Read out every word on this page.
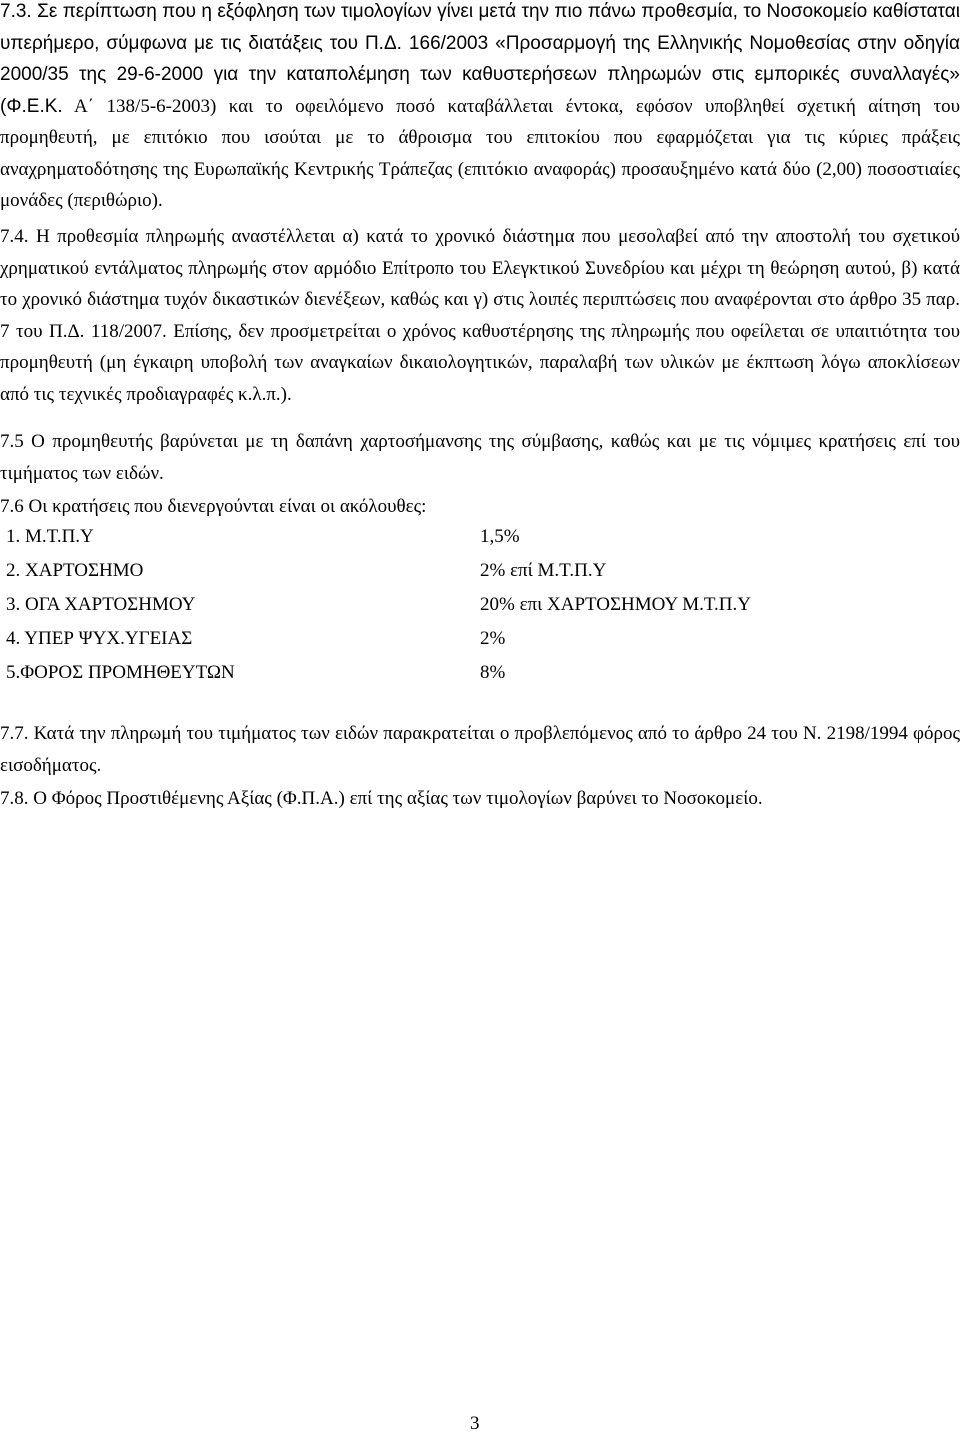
7.3. Σε περίπτωση που η εξόφληση των τιμολογίων γίνει μετά την πιο πάνω προθεσμία, το Νοσοκομείο καθίσταται υπερήμερο, σύμφωνα με τις διατάξεις του Π.Δ. 166/2003 «Προσαρμογή της Ελληνικής Νομοθεσίας στην οδηγία 2000/35 της 29-6-2000 για την καταπολέμηση των καθυστερήσεων πληρωμών στις εμπορικές συναλλαγές» (Φ.Ε.Κ. Α΄ 138/5-6-2003) και το οφειλόμενο ποσό καταβάλλεται έντοκα, εφόσον υποβληθεί σχετική αίτηση του προμηθευτή, με επιτόκιο που ισούται με το άθροισμα του επιτοκίου που εφαρμόζεται για τις κύριες πράξεις αναχρηματοδότησης της Ευρωπαϊκής Κεντρικής Τράπεζας (επιτόκιο αναφοράς) προσαυξημένο κατά δύο (2,00) ποσοστιαίες μονάδες (περιθώριο).

7.4. Η προθεσμία πληρωμής αναστέλλεται α) κατά το χρονικό διάστημα που μεσολαβεί από την αποστολή του σχετικού χρηματικού εντάλματος πληρωμής στον αρμόδιο Επίτροπο του Ελεγκτικού Συνεδρίου και μέχρι τη θεώρηση αυτού, β) κατά το χρονικό διάστημα τυχόν δικαστικών διενέξεων, καθώς και γ) στις λοιπές περιπτώσεις που αναφέρονται στο άρθρο 35 παρ. 7 του Π.Δ. 118/2007. Επίσης, δεν προσμετρείται ο χρόνος καθυστέρησης της πληρωμής που οφείλεται σε υπαιτιότητα του προμηθευτή (μη έγκαιρη υποβολή των αναγκαίων δικαιολογητικών, παραλαβή των υλικών με έκπτωση λόγω αποκλίσεων από τις τεχνικές προδιαγραφές κ.λ.π.).

7.5 Ο προμηθευτής βαρύνεται με τη δαπάνη χαρτοσήμανσης της σύμβασης, καθώς και με τις νόμιμες κρατήσεις επί του τιμήματος των ειδών.

7.6 Οι κρατήσεις που διενεργούνται είναι οι ακόλουθες:

1. Μ.Τ.Π.Υ	1,5%
2. ΧΑΡΤΟΣΗΜΟ	2% επί Μ.Τ.Π.Υ
3. ΟΓΑ ΧΑΡΤΟΣΗΜΟΥ	20% επι ΧΑΡΤΟΣΗΜΟΥ Μ.Τ.Π.Υ
4. ΥΠΕΡ ΨΥΧ.ΥΓΕΙΑΣ	2%
5.ΦΟΡΟΣ ΠΡΟΜΗΘΕΥΤΩΝ	8%

7.7. Κατά την πληρωμή του τιμήματος των ειδών παρακρατείται ο προβλεπόμενος από το άρθρο 24 του Ν. 2198/1994 φόρος εισοδήματος.

7.8. Ο Φόρος Προστιθέμενης Αξίας (Φ.Π.Α.) επί της αξίας των τιμολογίων βαρύνει το Νοσοκομείο.

3
